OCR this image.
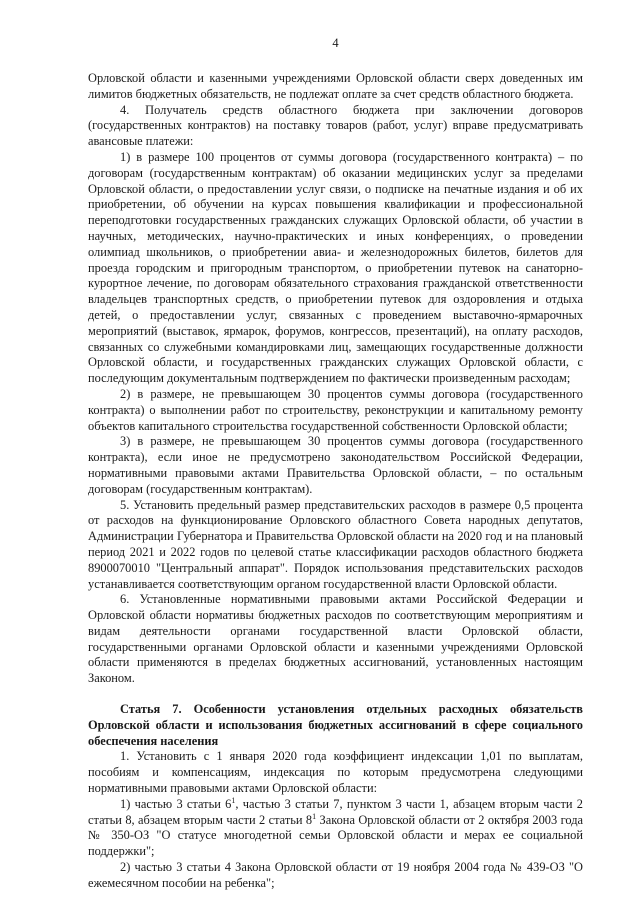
4

Орловской области и казенными учреждениями Орловской области сверх доведенных им лимитов бюджетных обязательств, не подлежат оплате за счет средств областного бюджета.

4. Получатель средств областного бюджета при заключении договоров (государственных контрактов) на поставку товаров (работ, услуг) вправе предусматривать авансовые платежи:

1) в размере 100 процентов от суммы договора (государственного контракта) – по договорам (государственным контрактам) об оказании медицинских услуг за пределами Орловской области, о предоставлении услуг связи, о подписке на печатные издания и об их приобретении, об обучении на курсах повышения квалификации и профессиональной переподготовки государственных гражданских служащих Орловской области, об участии в научных, методических, научно-практических и иных конференциях, о проведении олимпиад школьников, о приобретении авиа- и железнодорожных билетов, билетов для проезда городским и пригородным транспортом, о приобретении путевок на санаторно-курортное лечение, по договорам обязательного страхования гражданской ответственности владельцев транспортных средств, о приобретении путевок для оздоровления и отдыха детей, о предоставлении услуг, связанных с проведением выставочно-ярмарочных мероприятий (выставок, ярмарок, форумов, конгрессов, презентаций), на оплату расходов, связанных со служебными командировками лиц, замещающих государственные должности Орловской области, и государственных гражданских служащих Орловской области, с последующим документальным подтверждением по фактически произведенным расходам;

2) в размере, не превышающем 30 процентов суммы договора (государственного контракта) о выполнении работ по строительству, реконструкции и капитальному ремонту объектов капитального строительства государственной собственности Орловской области;

3) в размере, не превышающем 30 процентов суммы договора (государственного контракта), если иное не предусмотрено законодательством Российской Федерации, нормативными правовыми актами Правительства Орловской области, – по остальным договорам (государственным контрактам).

5. Установить предельный размер представительских расходов в размере 0,5 процента от расходов на функционирование Орловского областного Совета народных депутатов, Администрации Губернатора и Правительства Орловской области на 2020 год и на плановый период 2021 и 2022 годов по целевой статье классификации расходов областного бюджета 8900070010 "Центральный аппарат". Порядок использования представительских расходов устанавливается соответствующим органом государственной власти Орловской области.

6. Установленные нормативными правовыми актами Российской Федерации и Орловской области нормативы бюджетных расходов по соответствующим мероприятиям и видам деятельности органами государственной власти Орловской области, государственными органами Орловской области и казенными учреждениями Орловской области применяются в пределах бюджетных ассигнований, установленных настоящим Законом.

Статья 7. Особенности установления отдельных расходных обязательств Орловской области и использования бюджетных ассигнований в сфере социального обеспечения населения

1. Установить с 1 января 2020 года коэффициент индексации 1,01 по выплатам, пособиям и компенсациям, индексация по которым предусмотрена следующими нормативными правовыми актами Орловской области:

1) частью 3 статьи $6^1$, частью 3 статьи 7, пунктом 3 части 1, абзацем вторым части 2 статьи 8, абзацем вторым части 2 статьи $8^1$ Закона Орловской области от 2 октября 2003 года № 350-ОЗ "О статусе многодетной семьи Орловской области и мерах ее социальной поддержки";

2) частью 3 статьи 4 Закона Орловской области от 19 ноября 2004 года № 439-ОЗ "О ежемесячном пособии на ребенка";
